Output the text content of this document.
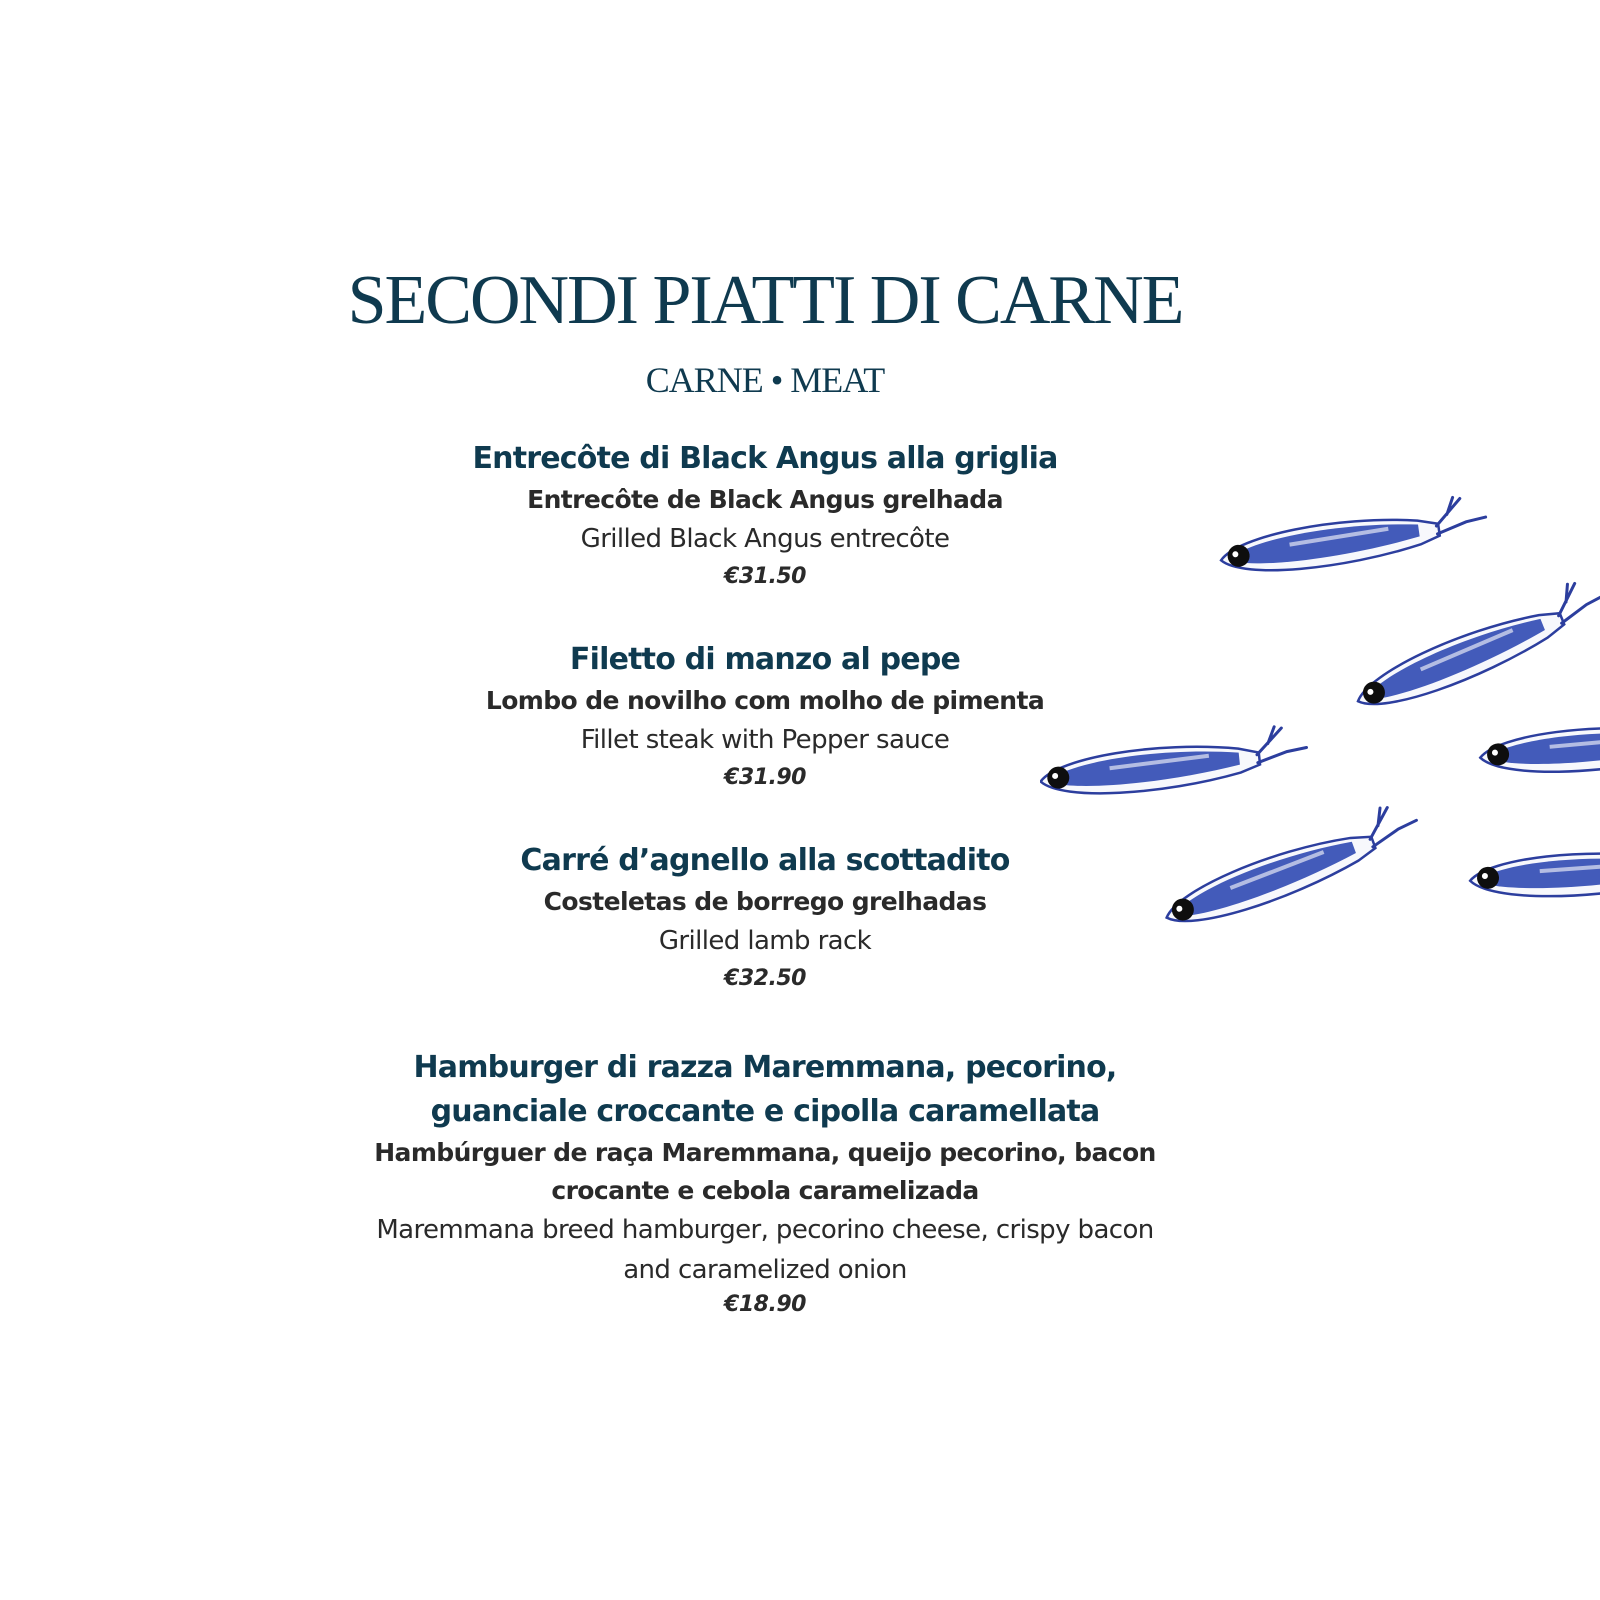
SECONDI PIATTI DI CARNE
CARNE • MEAT
Entrecôte di Black Angus alla griglia
Entrecôte de Black Angus grelhada
Grilled Black Angus entrecôte
€31.50
Filetto di manzo al pepe
Lombo de novilho com molho de pimenta
Fillet steak with Pepper sauce
€31.90
Carré d’agnello alla scottadito
Costeletas de borrego grelhadas
Grilled lamb rack
€32.50
Hamburger di razza Maremmana, pecorino,
guanciale croccante e cipolla caramellata
Hambúrguer de raça Maremmana, queijo pecorino, bacon
crocante e cebola caramelizada
Maremmana breed hamburger, pecorino cheese, crispy bacon
and caramelized onion
€18.90
